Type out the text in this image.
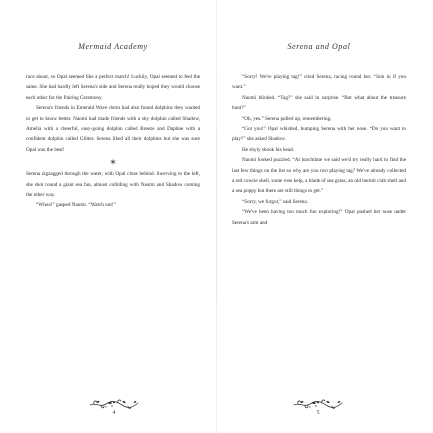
Mermaid Academy

race about, so Opal seemed like a perfect match! Luckily, Opal seemed to feel the same. She had hardly left Serena's side and Serena really hoped they would choose each other for the Pairing Ceremony.

Serena's friends in Emerald Wave dorm had also found dolphins they wanted to get to know better. Naomi had made friends with a shy dolphin called Shadow, Amelia with a cheerful, easy-going dolphin called Breeze and Daphne with a confident dolphin called Glitter. Serena liked all their dolphins but she was sure Opal was the best!

✶

Serena zigzagged through the water, with Opal close behind. Swerving to the left, she shot round a giant sea fan, almost colliding with Naomi and Shadow coming the other way.

“Whoa!” gasped Naomi. “Watch out!”

4
Serena and Opal

“Sorry! We're playing tag!” cried Serena, racing round her. “Join in if you want.”

Naomi blinked. “Tag?” she said in surprise. “But what about the treasure hunt?”

“Oh, yes.” Serena pulled up, remembering.

“Got you!” Opal whistled, bumping Serena with her nose. “Do you want to play?” she asked Shadow.

He shyly shook his head.

Naomi looked puzzled. “At lunchtime we said we'd try really hard to find the last few things on the list so why are you two playing tag? We've already collected a red cowrie shell, some rose kelp, a blade of sea grass, an old hermit crab shell and a sea poppy but there are still things to get.”

“Sorry, we forgot,” said Serena.

“We've been having too much fun exploring!” Opal pushed her nose under Serena's arm and

5
